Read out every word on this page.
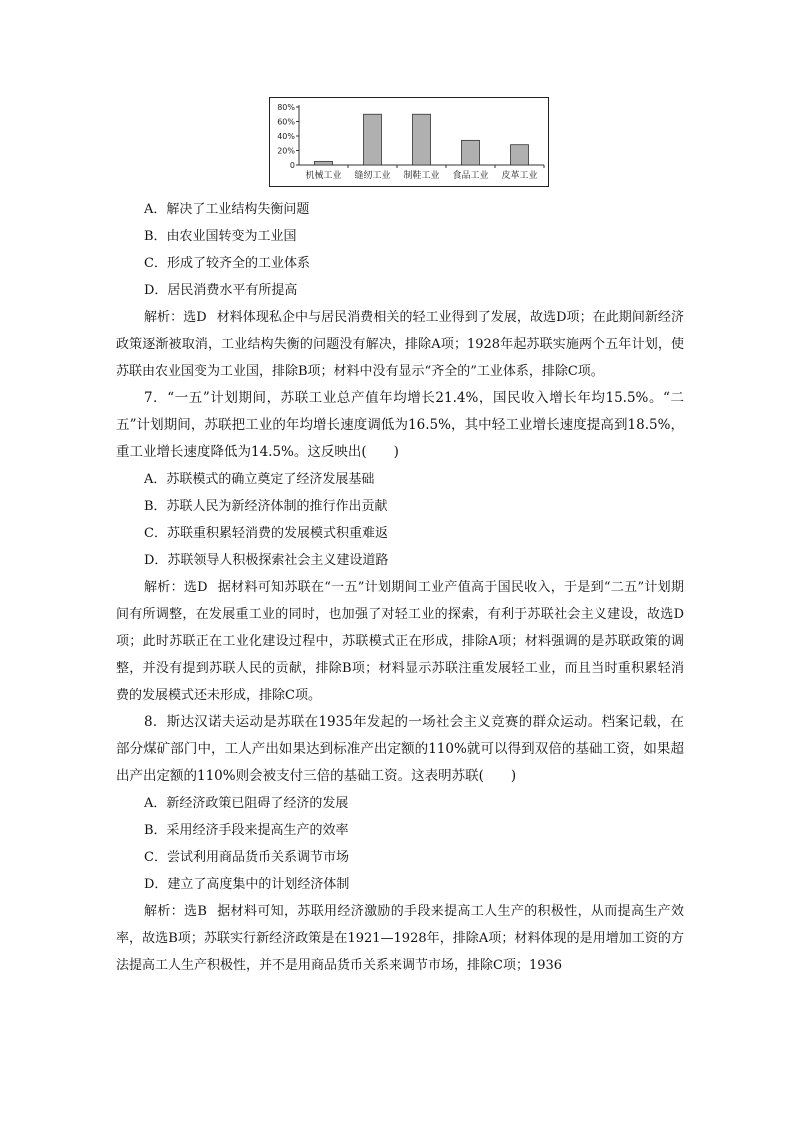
80%
60%
40%
20%
0
机械工业 缝纫工业 制鞋工业 食品工业 皮革工业
A．解决了工业结构失衡问题
B．由农业国转变为工业国
C．形成了较齐全的工业体系
D．居民消费水平有所提高
解析：选D 材料体现私企中与居民消费相关的轻工业得到了发展，故选D项；在此期间新经济政策逐渐被取消，工业结构失衡的问题没有解决，排除A项；1928年起苏联实施两个五年计划，使苏联由农业国变为工业国，排除B项；材料中没有显示“齐全的”工业体系，排除C项。
7．“一五”计划期间，苏联工业总产值年均增长21.4%，国民收入增长年均15.5%。“二五”计划期间，苏联把工业的年均增长速度调低为16.5%，其中轻工业增长速度提高到18.5%，重工业增长速度降低为14.5%。这反映出(　　)
A．苏联模式的确立奠定了经济发展基础
B．苏联人民为新经济体制的推行作出贡献
C．苏联重积累轻消费的发展模式积重难返
D．苏联领导人积极探索社会主义建设道路
解析：选D 据材料可知苏联在“一五”计划期间工业产值高于国民收入，于是到“二五”计划期间有所调整，在发展重工业的同时，也加强了对轻工业的探索，有利于苏联社会主义建设，故选D项；此时苏联正在工业化建设过程中，苏联模式正在形成，排除A项；材料强调的是苏联政策的调整，并没有提到苏联人民的贡献，排除B项；材料显示苏联注重发展轻工业，而且当时重积累轻消费的发展模式还未形成，排除C项。
8．斯达汉诺夫运动是苏联在1935年发起的一场社会主义竞赛的群众运动。档案记载，在部分煤矿部门中，工人产出如果达到标准产出定额的110%就可以得到双倍的基础工资，如果超出产出定额的110%则会被支付三倍的基础工资。这表明苏联(　　)
A．新经济政策已阻碍了经济的发展
B．采用经济手段来提高生产的效率
C．尝试利用商品货币关系调节市场
D．建立了高度集中的计划经济体制
解析：选B 据材料可知，苏联用经济激励的手段来提高工人生产的积极性，从而提高生产效率，故选B项；苏联实行新经济政策是在1921—1928年，排除A项；材料体现的是用增加工资的方法提高工人生产积极性，并不是用商品货币关系来调节市场，排除C项；1936
